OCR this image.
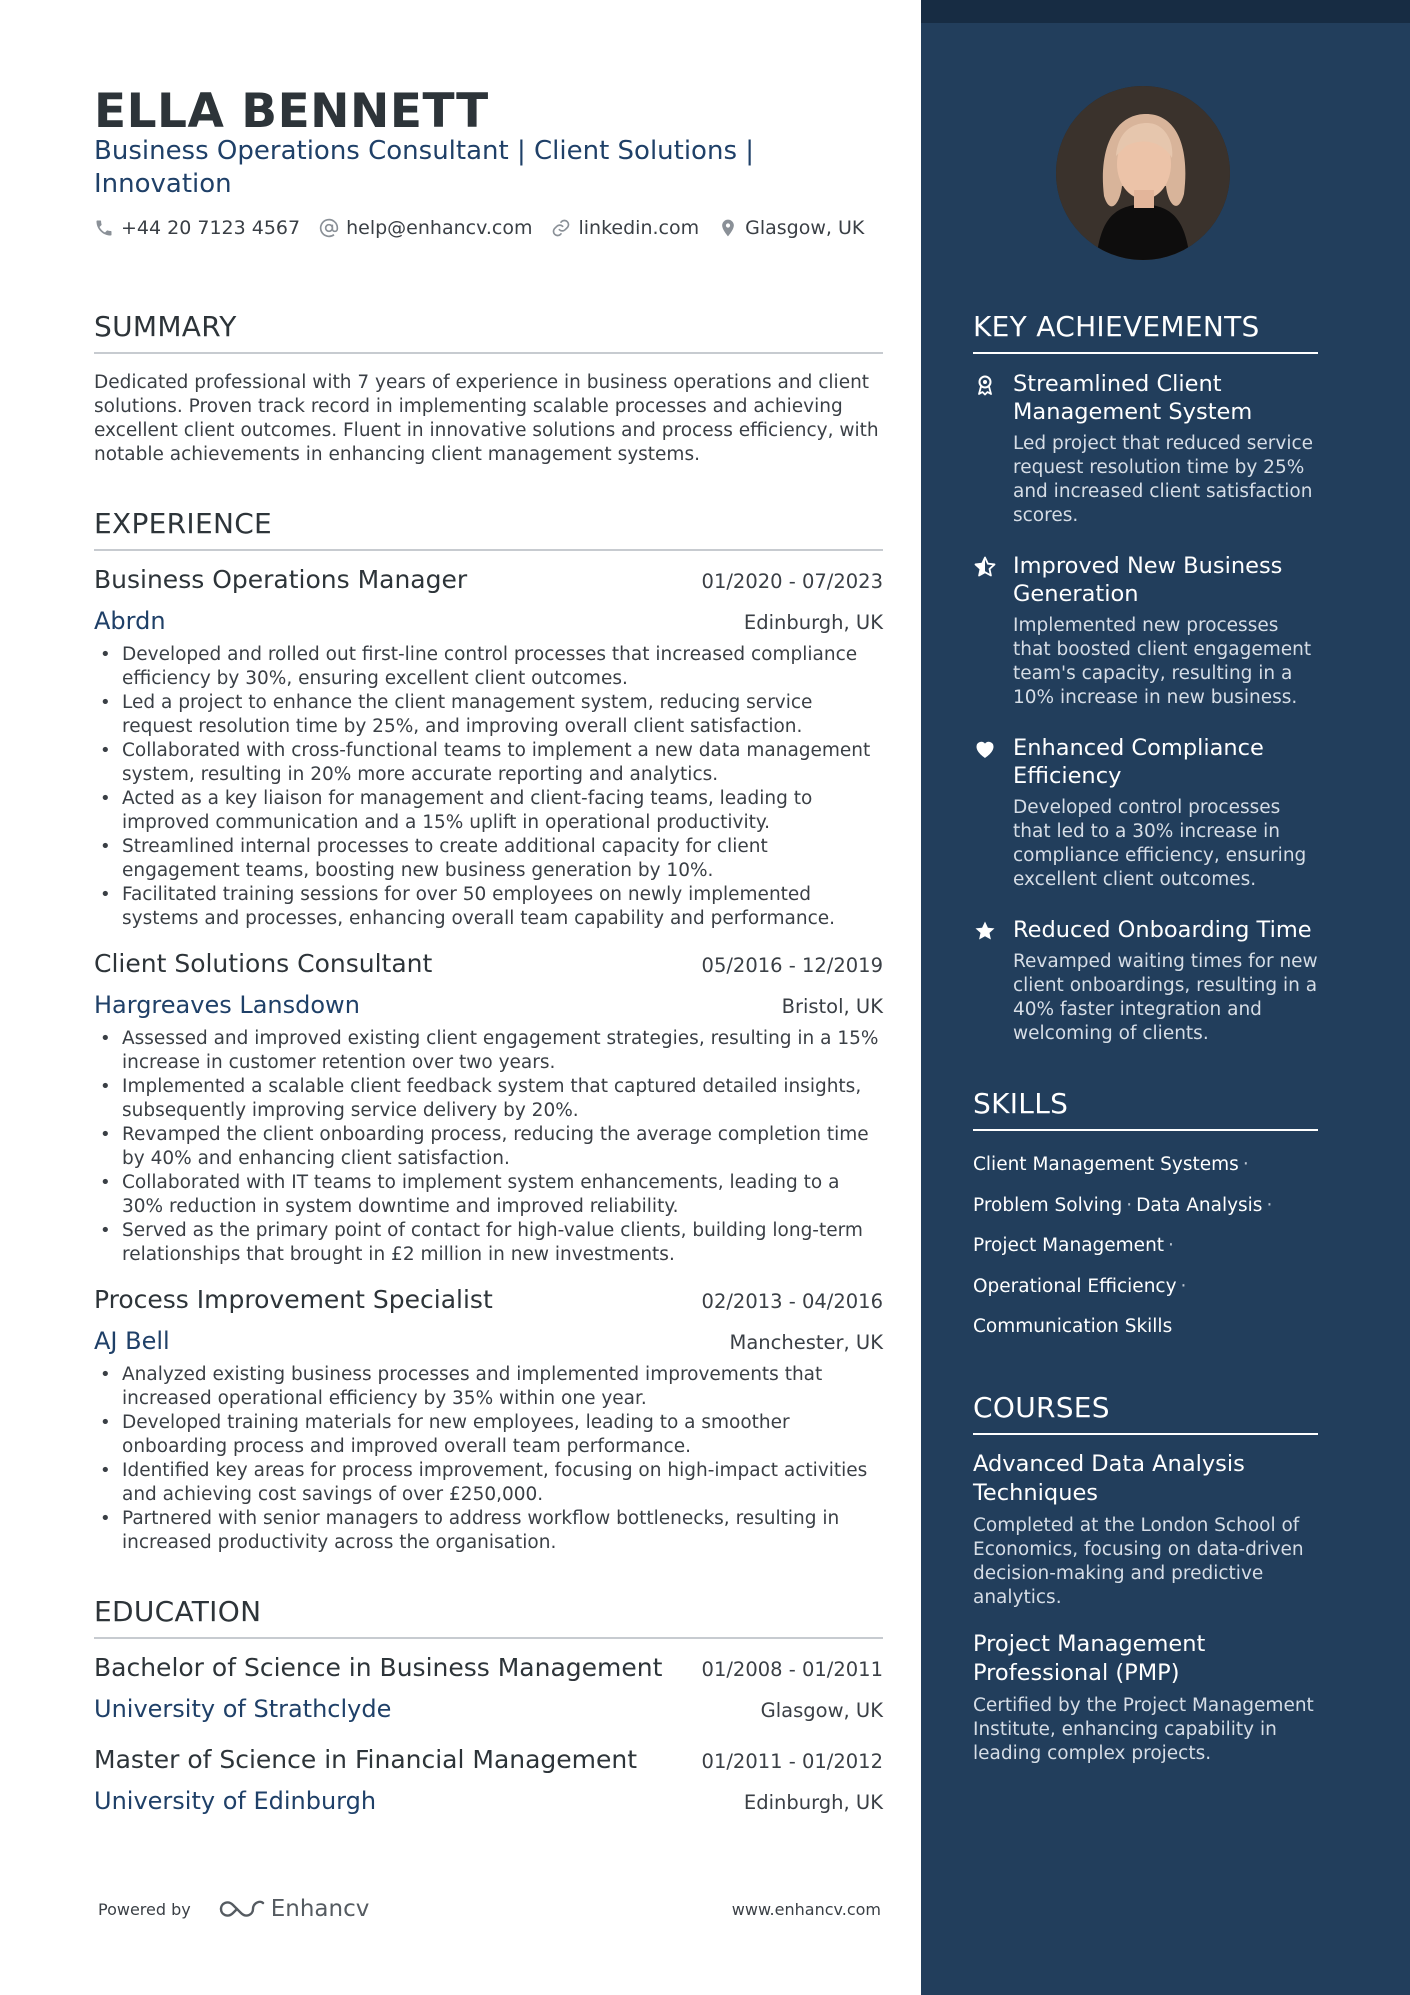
ELLA BENNETT
Business Operations Consultant | Client Solutions | Innovation
+44 20 7123 4567 help@enhancv.com linkedin.com Glasgow, UK
SUMMARY
Dedicated professional with 7 years of experience in business operations and client solutions. Proven track record in implementing scalable processes and achieving excellent client outcomes. Fluent in innovative solutions and process efficiency, with notable achievements in enhancing client management systems.
EXPERIENCE
Business Operations Manager	01/2020 - 07/2023
Abrdn	Edinburgh, UK
• Developed and rolled out first-line control processes that increased compliance efficiency by 30%, ensuring excellent client outcomes.
• Led a project to enhance the client management system, reducing service request resolution time by 25%, and improving overall client satisfaction.
• Collaborated with cross-functional teams to implement a new data management system, resulting in 20% more accurate reporting and analytics.
• Acted as a key liaison for management and client-facing teams, leading to improved communication and a 15% uplift in operational productivity.
• Streamlined internal processes to create additional capacity for client engagement teams, boosting new business generation by 10%.
• Facilitated training sessions for over 50 employees on newly implemented systems and processes, enhancing overall team capability and performance.
Client Solutions Consultant	05/2016 - 12/2019
Hargreaves Lansdown	Bristol, UK
• Assessed and improved existing client engagement strategies, resulting in a 15% increase in customer retention over two years.
• Implemented a scalable client feedback system that captured detailed insights, subsequently improving service delivery by 20%.
• Revamped the client onboarding process, reducing the average completion time by 40% and enhancing client satisfaction.
• Collaborated with IT teams to implement system enhancements, leading to a 30% reduction in system downtime and improved reliability.
• Served as the primary point of contact for high-value clients, building long-term relationships that brought in £2 million in new investments.
Process Improvement Specialist	02/2013 - 04/2016
AJ Bell	Manchester, UK
• Analyzed existing business processes and implemented improvements that increased operational efficiency by 35% within one year.
• Developed training materials for new employees, leading to a smoother onboarding process and improved overall team performance.
• Identified key areas for process improvement, focusing on high-impact activities and achieving cost savings of over £250,000.
• Partnered with senior managers to address workflow bottlenecks, resulting in increased productivity across the organisation.
EDUCATION
Bachelor of Science in Business Management 01/2008 - 01/2011
University of Strathclyde	Glasgow, UK
Master of Science in Financial Management	01/2011 - 01/2012
University of Edinburgh	Edinburgh, UK
Powered by	Enhancv	www.enhancv.com
KEY ACHIEVEMENTS
Streamlined Client Management System
Led project that reduced service request resolution time by 25% and increased client satisfaction scores.
Improved New Business Generation
Implemented new processes that boosted client engagement team's capacity, resulting in a 10% increase in new business.
Enhanced Compliance Efficiency
Developed control processes that led to a 30% increase in compliance efficiency, ensuring excellent client outcomes.
Reduced Onboarding Time
Revamped waiting times for new client onboardings, resulting in a 40% faster integration and welcoming of clients.
SKILLS
Client Management Systems ·
Problem Solving · Data Analysis ·
Project Management ·
Operational Efficiency ·
Communication Skills
COURSES
Advanced Data Analysis Techniques
Completed at the London School of Economics, focusing on data-driven decision-making and predictive analytics.
Project Management Professional (PMP)
Certified by the Project Management Institute, enhancing capability in leading complex projects.
